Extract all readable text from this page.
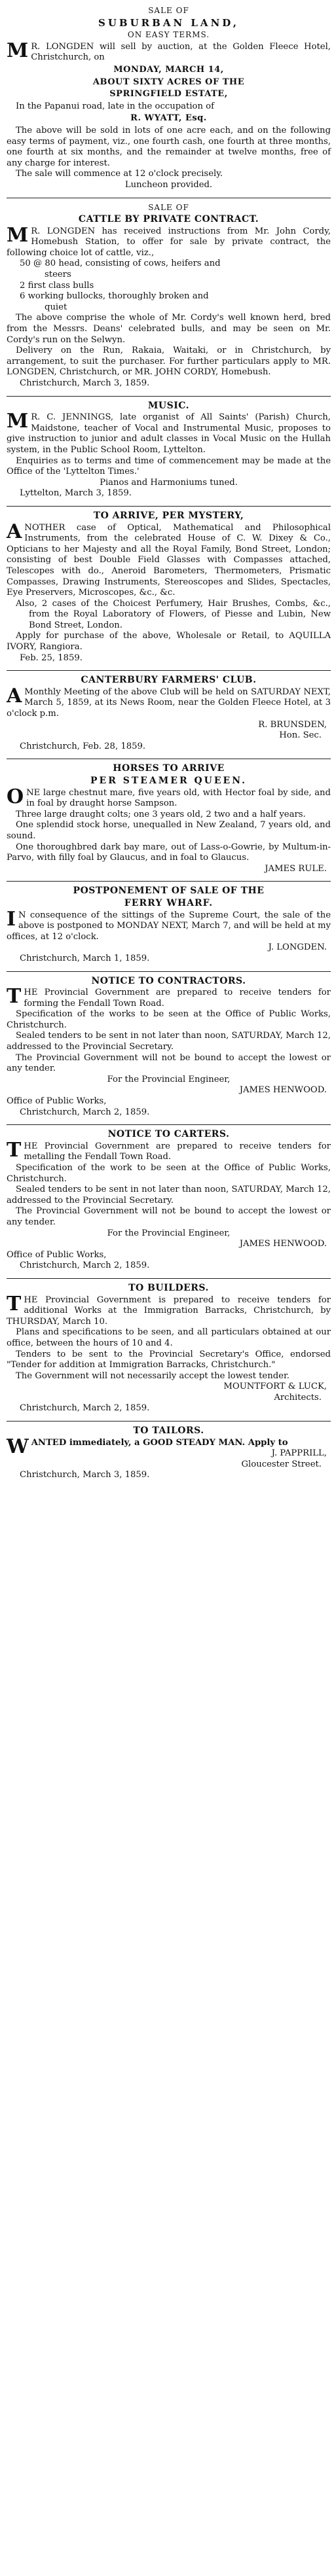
SALE OF
SUBURBAN LAND,
ON EASY TERMS.

MR. LONGDEN will sell by auction, at the Golden Fleece Hotel, Christchurch, on

MONDAY, MARCH 14,
ABOUT SIXTY ACRES OF THE
SPRINGFIELD ESTATE,

In the Papanui road, late in the occupation of

R. WYATT, Esq.

The above will be sold in lots of one acre each, and on the following easy terms of payment, viz., one fourth cash, one fourth at three months, one fourth at six months, and the remainder at twelve months, free of any charge for interest.

The sale will commence at 12 o'clock precisely.

Luncheon provided.
SALE OF
CATTLE BY PRIVATE CONTRACT.

MR. LONGDEN has received instructions from Mr. John Cordy, Homebush Station, to offer for sale by private contract, the following choice lot of cattle, viz.,

50 @ 80 head, consisting of cows, heifers and
steers
2 first class bulls
6 working bullocks, thoroughly broken and
quiet

The above comprise the whole of Mr. Cordy's well known herd, bred from the Messrs. Deans' celebrated bulls, and may be seen on Mr. Cordy's run on the Selwyn.

Delivery on the Run, Rakaia, Waitaki, or in Christchurch, by arrangement, to suit the purchaser. For further particulars apply to MR. LONGDEN, Christchurch, or MR. JOHN CORDY, Homebush.

Christchurch, March 3, 1859.
MUSIC.

MR. C. JENNINGS, late organist of All Saints' (Parish) Church, Maidstone, teacher of Vocal and Instrumental Music, proposes to give instruction to junior and adult classes in Vocal Music on the Hullah system, in the Public School Room, Lyttelton.

Enquiries as to terms and time of commencement may be made at the Office of the 'Lyttelton Times.'

Pianos and Harmoniums tuned.
Lyttelton, March 3, 1859.
TO ARRIVE, PER MYSTERY,

ANOTHER case of Optical, Mathematical and Philosophical Instruments, from the celebrated House of C. W. Dixey & Co., Opticians to her Majesty and all the Royal Family, Bond Street, London; consisting of best Double Field Glasses with Compasses attached, Telescopes with do., Aneroid Barometers, Thermometers, Prismatic Compasses, Drawing Instruments, Stereoscopes and Slides, Spectacles, Eye Preservers, Microscopes, &c., &c.

Also, 2 cases of the Choicest Perfumery, Hair Brushes, Combs, &c., from the Royal Laboratory of Flowers, of Piesse and Lubin, New Bond Street, London.

Apply for purchase of the above, Wholesale or Retail, to AQUILLA IVORY, Rangiora.

Feb. 25, 1859.
CANTERBURY FARMERS' CLUB.

AMonthly Meeting of the above Club will be held on SATURDAY NEXT, March 5, 1859, at its News Room, near the Golden Fleece Hotel, at 3 o'clock p.m.

R. BRUNSDEN,
Hon. Sec.
Christchurch, Feb. 28, 1859.
HORSES TO ARRIVE
PER STEAMER QUEEN.

ONE large chestnut mare, five years old, with Hector foal by side, and in foal by draught horse Sampson.

Three large draught colts; one 3 years old, 2 two and a half years.

One splendid stock horse, unequalled in New Zealand, 7 years old, and sound.

One thoroughbred dark bay mare, out of Lass-o-Gowrie, by Multum-in-Parvo, with filly foal by Glaucus, and in foal to Glaucus.

JAMES RULE.
POSTPONEMENT OF SALE OF THE
FERRY WHARF.

IN consequence of the sittings of the Supreme Court, the sale of the above is postponed to MONDAY NEXT, March 7, and will be held at my offices, at 12 o'clock.

J. LONGDEN.
Christchurch, March 1, 1859.
NOTICE TO CONTRACTORS.

THE Provincial Government are prepared to receive tenders for forming the Fendall Town Road.

Specification of the works to be seen at the Office of Public Works, Christchurch.

Sealed tenders to be sent in not later than noon, SATURDAY, March 12, addressed to the Provincial Secretary.

The Provincial Government will not be bound to accept the lowest or any tender.

For the Provincial Engineer,
JAMES HENWOOD.
Office of Public Works,
Christchurch, March 2, 1859.
NOTICE TO CARTERS.

THE Provincial Government are prepared to receive tenders for metalling the Fendall Town Road.

Specification of the work to be seen at the Office of Public Works, Christchurch.

Sealed tenders to be sent in not later than noon, SATURDAY, March 12, addressed to the Provincial Secretary.

The Provincial Government will not be bound to accept the lowest or any tender.

For the Provincial Engineer,
JAMES HENWOOD.
Office of Public Works,
Christchurch, March 2, 1859.
TO BUILDERS.

THE Provincial Government is prepared to receive tenders for additional Works at the Immigration Barracks, Christchurch, by THURSDAY, March 10.

Plans and specifications to be seen, and all particulars obtained at our office, between the hours of 10 and 4.

Tenders to be sent to the Provincial Secretary's Office, endorsed "Tender for addition at Immigration Barracks, Christchurch."

The Government will not necessarily accept the lowest tender.

MOUNTFORT & LUCK,
Architects.
Christchurch, March 2, 1859.
TO TAILORS.

WANTED immediately, a GOOD STEADY MAN. Apply to

J. PAPPRILL,
Gloucester Street.
Christchurch, March 3, 1859.
